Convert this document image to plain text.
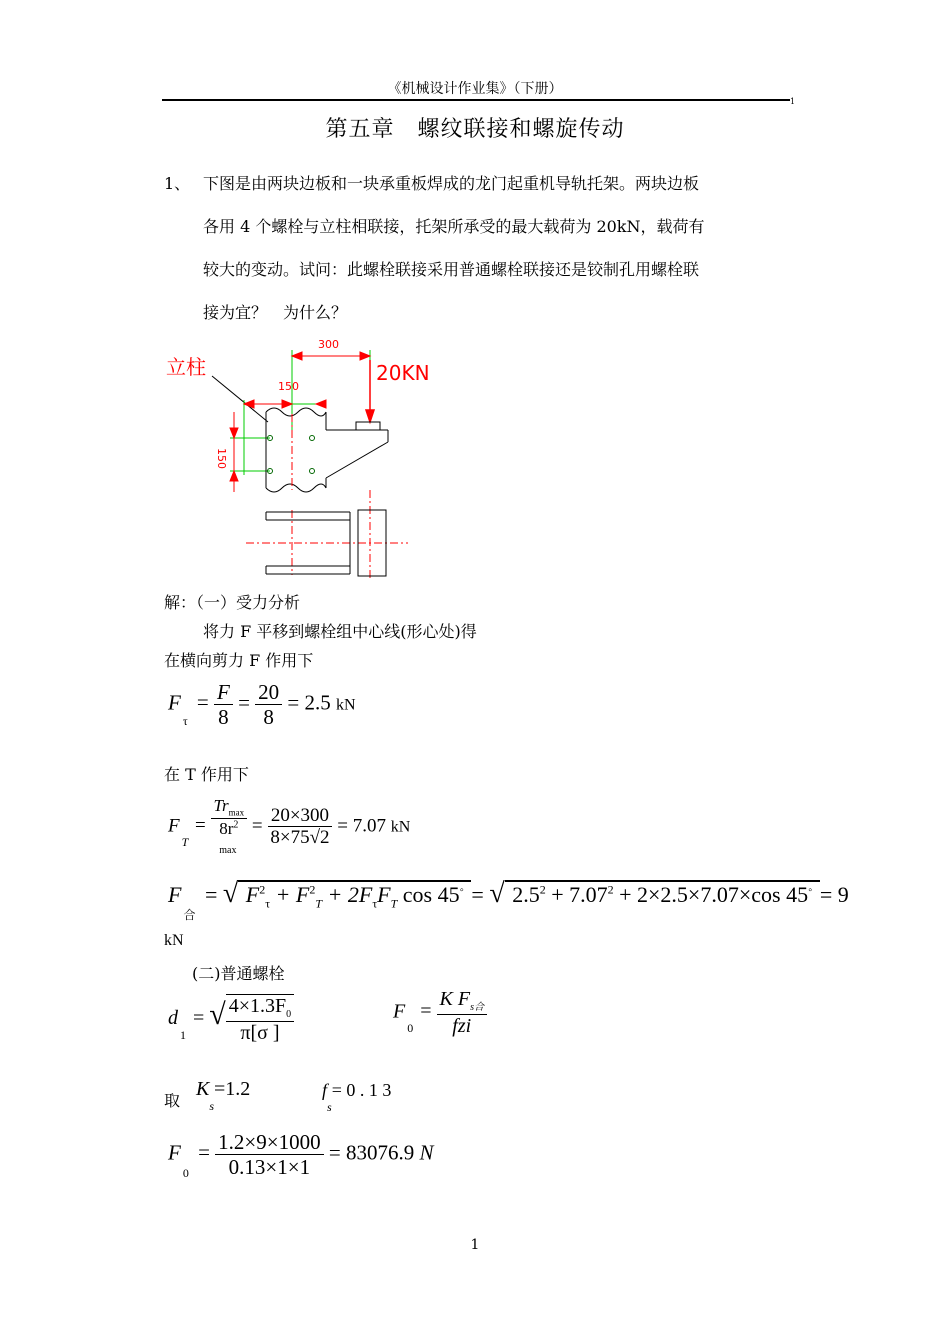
《机械设计作业集》（下册）
1
第五章　螺纹联接和螺旋传动
1、 下图是由两块边板和一块承重板焊成的龙门起重机导轨托架。两块边板
各用 4 个螺栓与立柱相联接，托架所承受的最大载荷为 20kN，载荷有
较大的变动。试问：此螺栓联接采用普通螺栓联接还是铰制孔用螺栓联
接为宜？　为什么？
立柱
300
150
150
20KN
解：（一）受力分析
将力 F 平移到螺栓组中心线(形心处)得
在横向剪力 F 作用下
$F_\tau = \frac{F}{8} = \frac{20}{8} = 2.5$ kN
在 T 作用下
$F_T$ =
$Tr_{max}$
$8r^2$
max
= $\frac{20\times 300}{8\times 75√2} = 7.07$ kN
$F_合$ = √ $F^2_\tau + F^2_T + 2F_\tau F_T$ cos 45◦ = √ $2.5^2 + 7.07^2 + 2\times 2.5\times 7.07\times\cos$ 45◦ = 9
kN
(二)普通螺栓
$d_1$ = √ $\frac{4\times 1.3F_0}{\pi[\sigma ]}$	$F_0 = \frac{K F_{s合}}{\text{fzi}}$
取
$K_s=1.2$	$f_s= 0$ . 1 3
$F_0 = \frac{1.2\times 9\times 1000}{0.13\times 1\times 1} = 83076.9$ N
1
